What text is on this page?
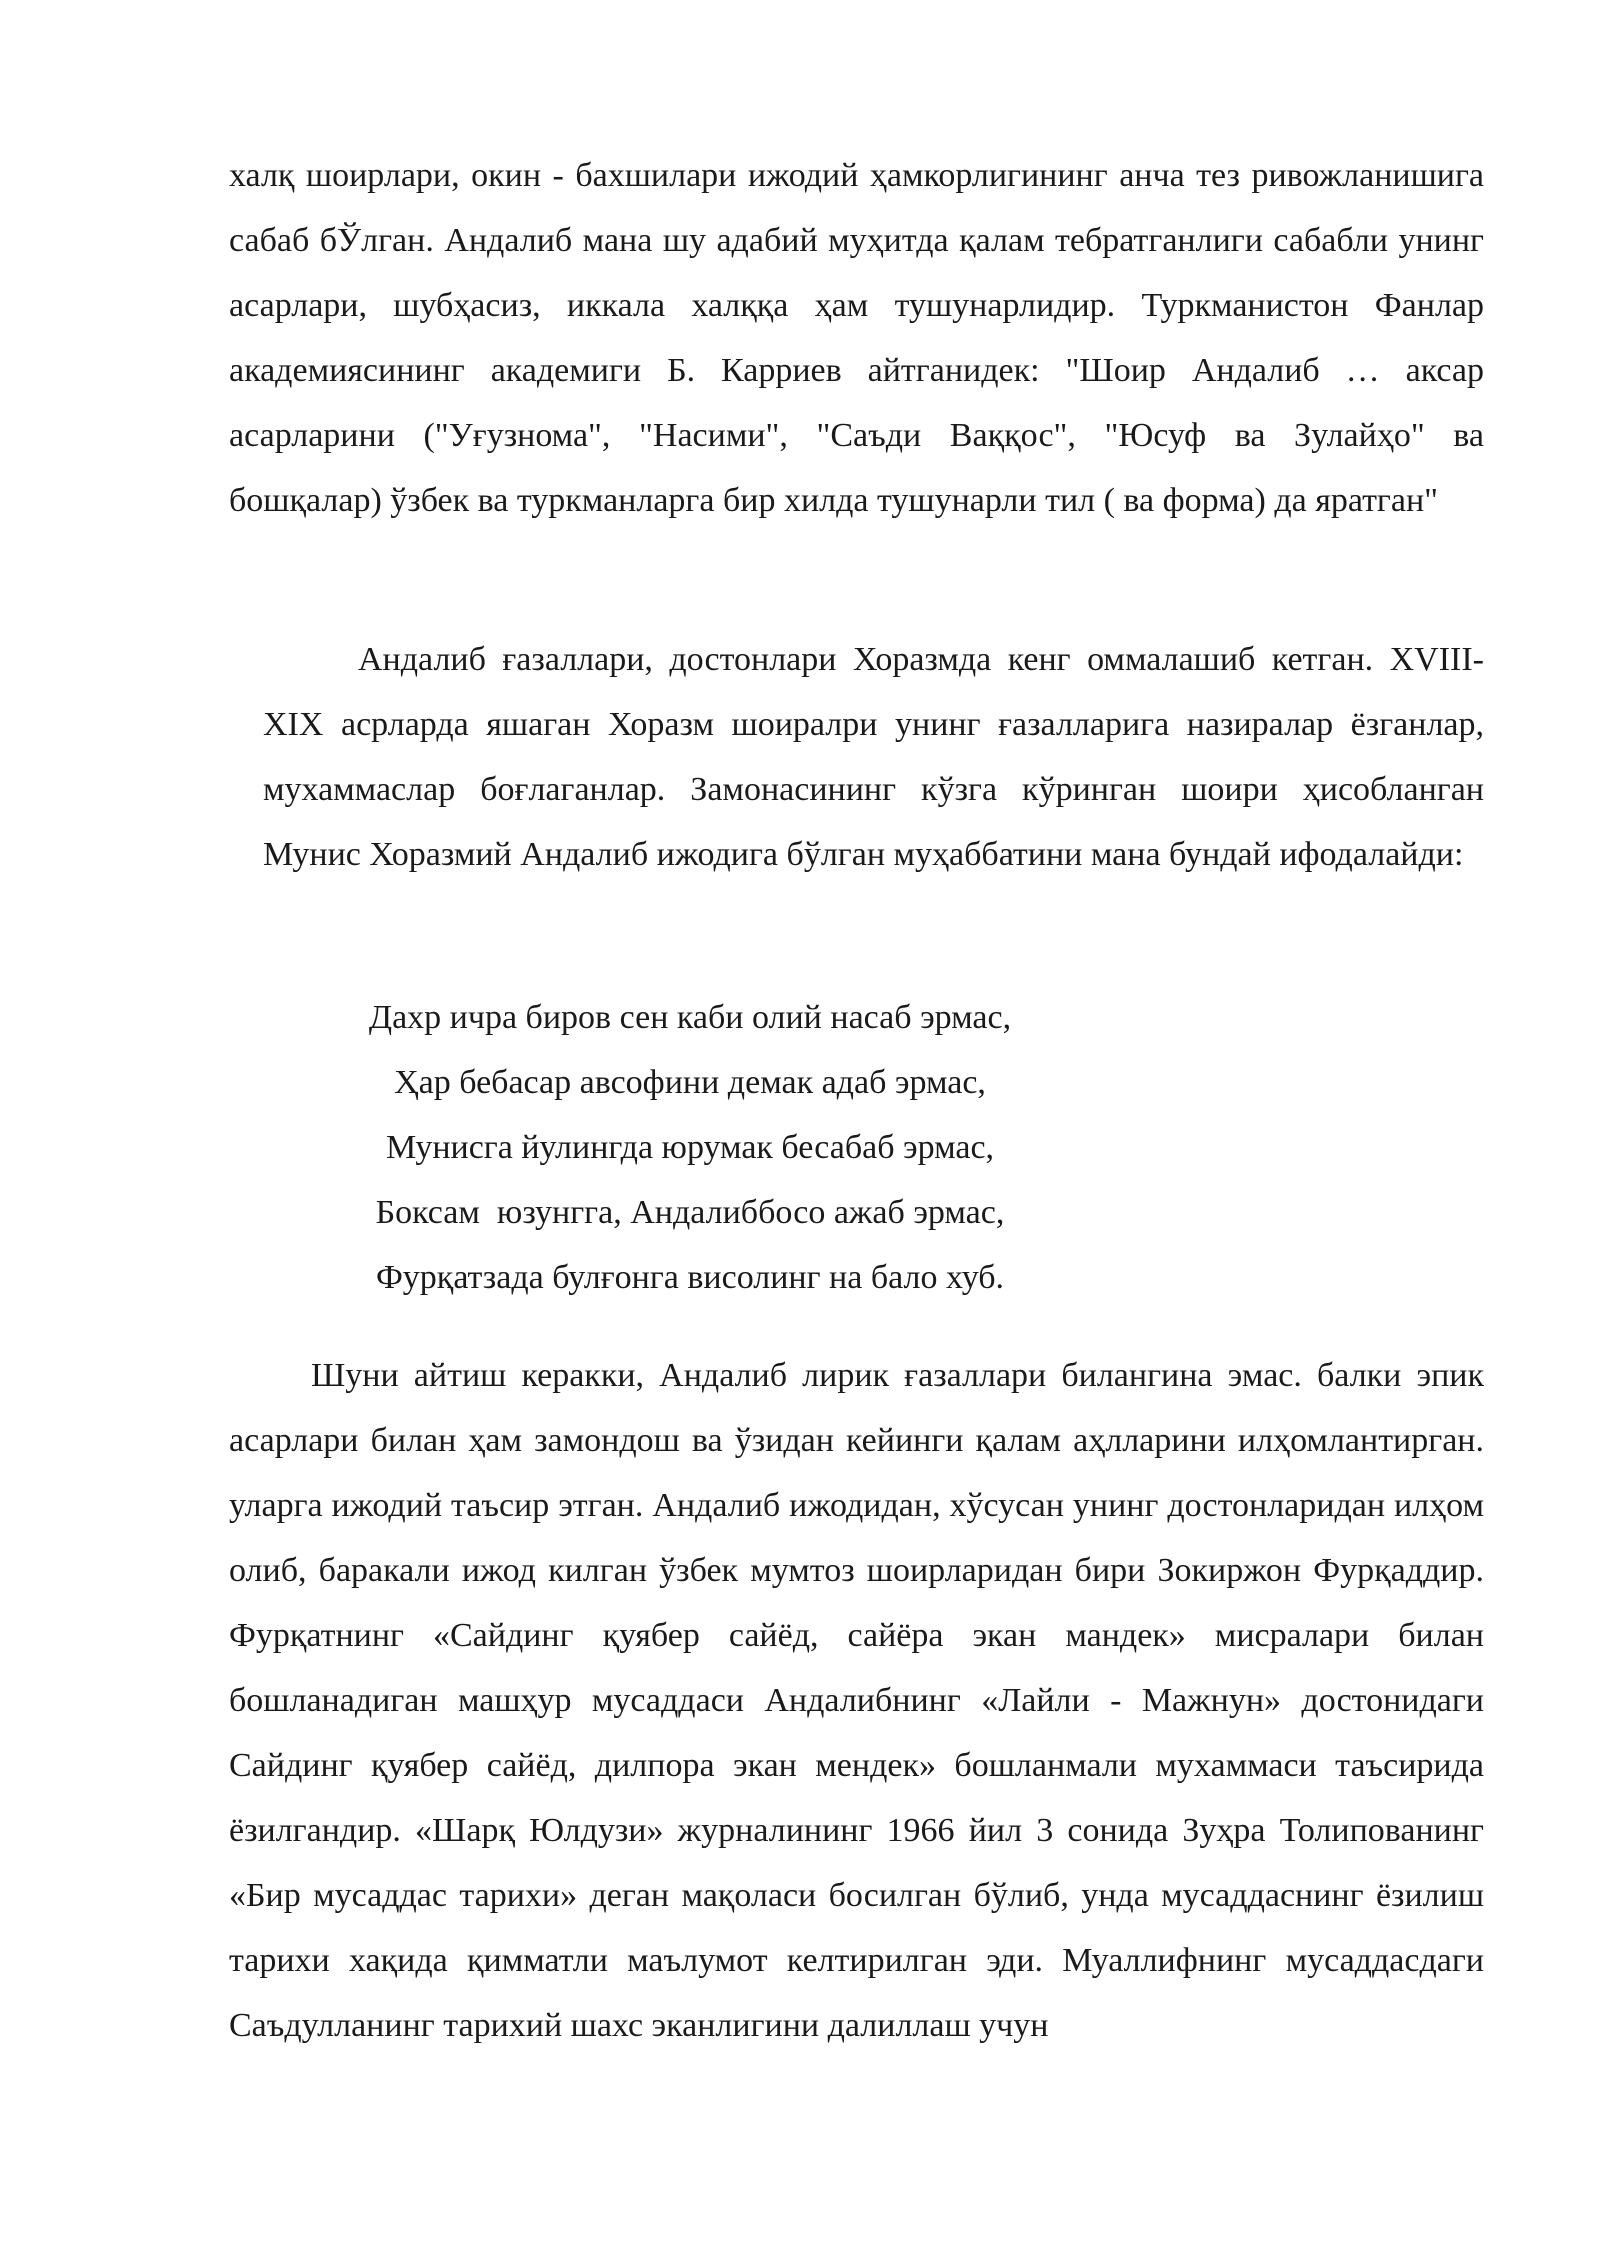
халқ шоирлари, окин - бахшилари ижодий ҳамкорлигининг анча тез ривожланишига сабаб бЎлган. Андалиб мана шу адабий муҳитда қалам тебратганлиги сабабли унинг асарлари, шубҳасиз, иккала халққа ҳам тушунарлидир. Туркманистон Фанлар академиясининг академиги Б. Карриев айтганидек: "Шоир Андалиб … аксар асарларини ("Уғузнома", "Насими", "Саъди Ваққос", "Юсуф ва Зулайҳо" ва бошқалар) ўзбек ва туркманларга бир хилда тушунарли тил ( ва форма) да яратган"

Андалиб ғазаллари, достонлари Хоразмда кенг оммалашиб кетган. XVIII- XIX асрларда яшаган Хоразм шоиралри унинг ғазалларига назиралар ёзганлар, мухаммаслар боғлаганлар. Замонасининг кўзга кўринган шоири ҳисобланган Мунис Хоразмий Андалиб ижодига бўлган муҳаббатини мана бундай ифодалайди:

Дахр ичра биров сен каби олий насаб эрмас,
Ҳар бебасар авсофини демак адаб эрмас,
Мунисга йулингда юрумак бесабаб эрмас,
Боксам  юзунгга, Андалиббосо ажаб эрмас,
Фурқатзада булғонга висолинг на бало хуб.

Шуни айтиш керакки, Андалиб лирик ғазаллари билангина эмас. балки эпик асарлари билан ҳам замондош ва ўзидан кейинги қалам аҳлларини илҳомлантирган. уларга ижодий таъсир этган. Андалиб ижодидан, хўсусан унинг достонларидан илҳом олиб, баракали ижод килган ўзбек мумтоз шоирларидан бири Зокиржон Фурқаддир. Фурқатнинг «Сайдинг қуябер сайёд, сайёра экан мандек» мисралари билан бошланадиган машҳур мусаддаси Андалибнинг «Лайли - Мажнун» достонидаги Сайдинг қуябер сайёд, дилпора экан мендек» бошланмали мухаммаси таъсирида ёзилгандир. «Шарқ Юлдузи» журналининг 1966 йил 3 сонида Зуҳра Толипованинг «Бир мусаддас тарихи» деган мақоласи босилган бўлиб, унда мусаддаснинг ёзилиш тарихи хақида қимматли маълумот келтирилган эди. Муаллифнинг мусаддасдаги Саъдулланинг тарихий шахс эканлигини далиллаш учун
